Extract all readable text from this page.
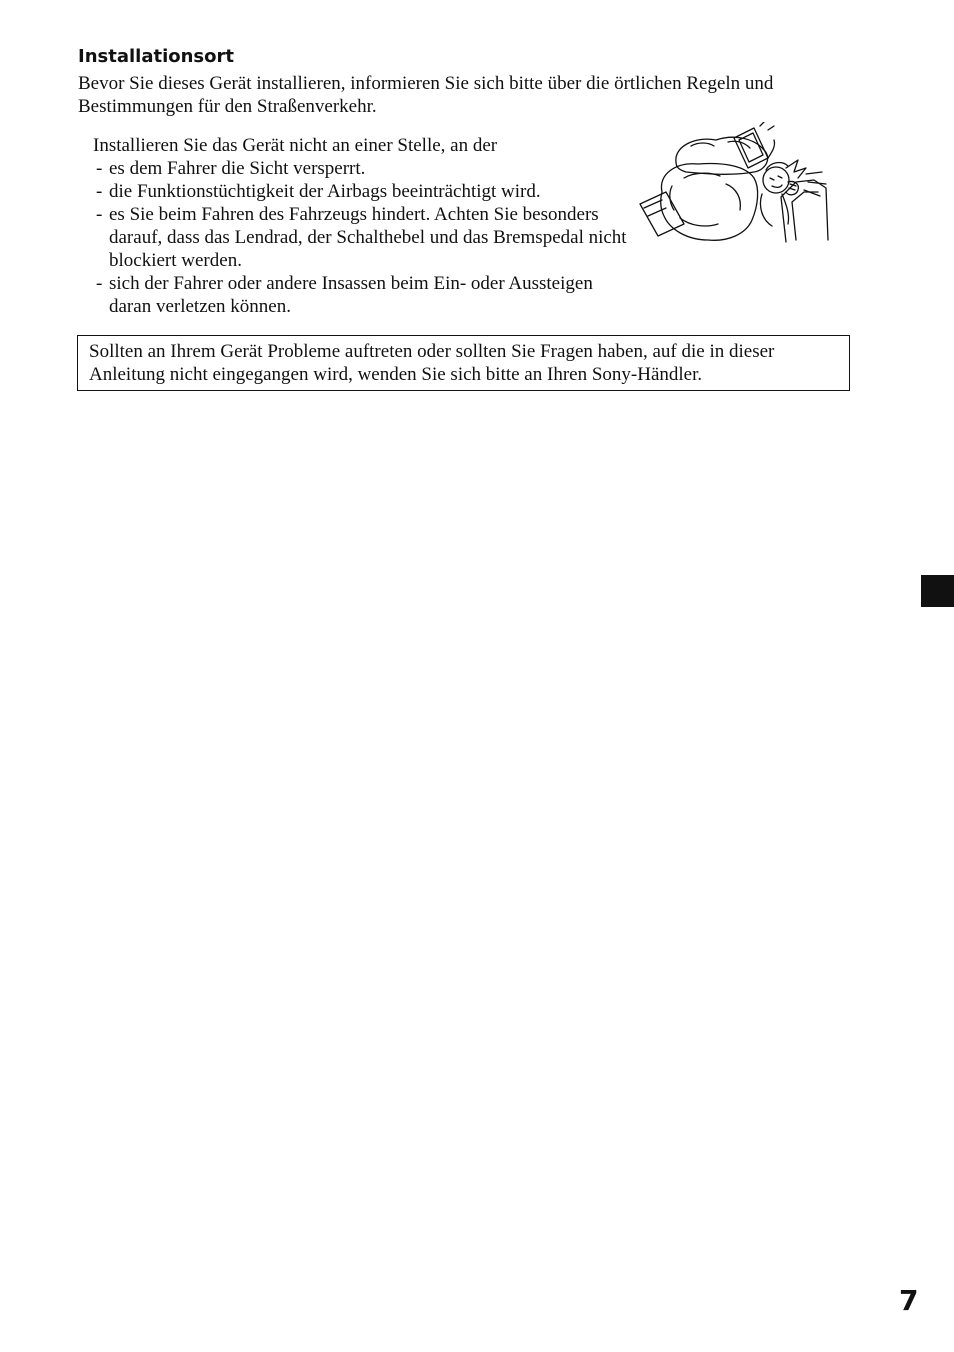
Installationsort

Bevor Sie dieses Gerät installieren, informieren Sie sich bitte über die örtlichen Regeln und Bestimmungen für den Straßenverkehr.

Installieren Sie das Gerät nicht an einer Stelle, an der

- es dem Fahrer die Sicht versperrt.
- die Funktionstüchtigkeit der Airbags beeinträchtigt wird.
- es Sie beim Fahren des Fahrzeugs hindert. Achten Sie besonders darauf, dass das Lendrad, der Schalthebel und das Bremspedal nicht blockiert werden.
- sich der Fahrer oder andere Insassen beim Ein- oder Aussteigen daran verletzen können.

Sollten an Ihrem Gerät Probleme auftreten oder sollten Sie Fragen haben, auf die in dieser Anleitung nicht eingegangen wird, wenden Sie sich bitte an Ihren Sony-Händler.

7
